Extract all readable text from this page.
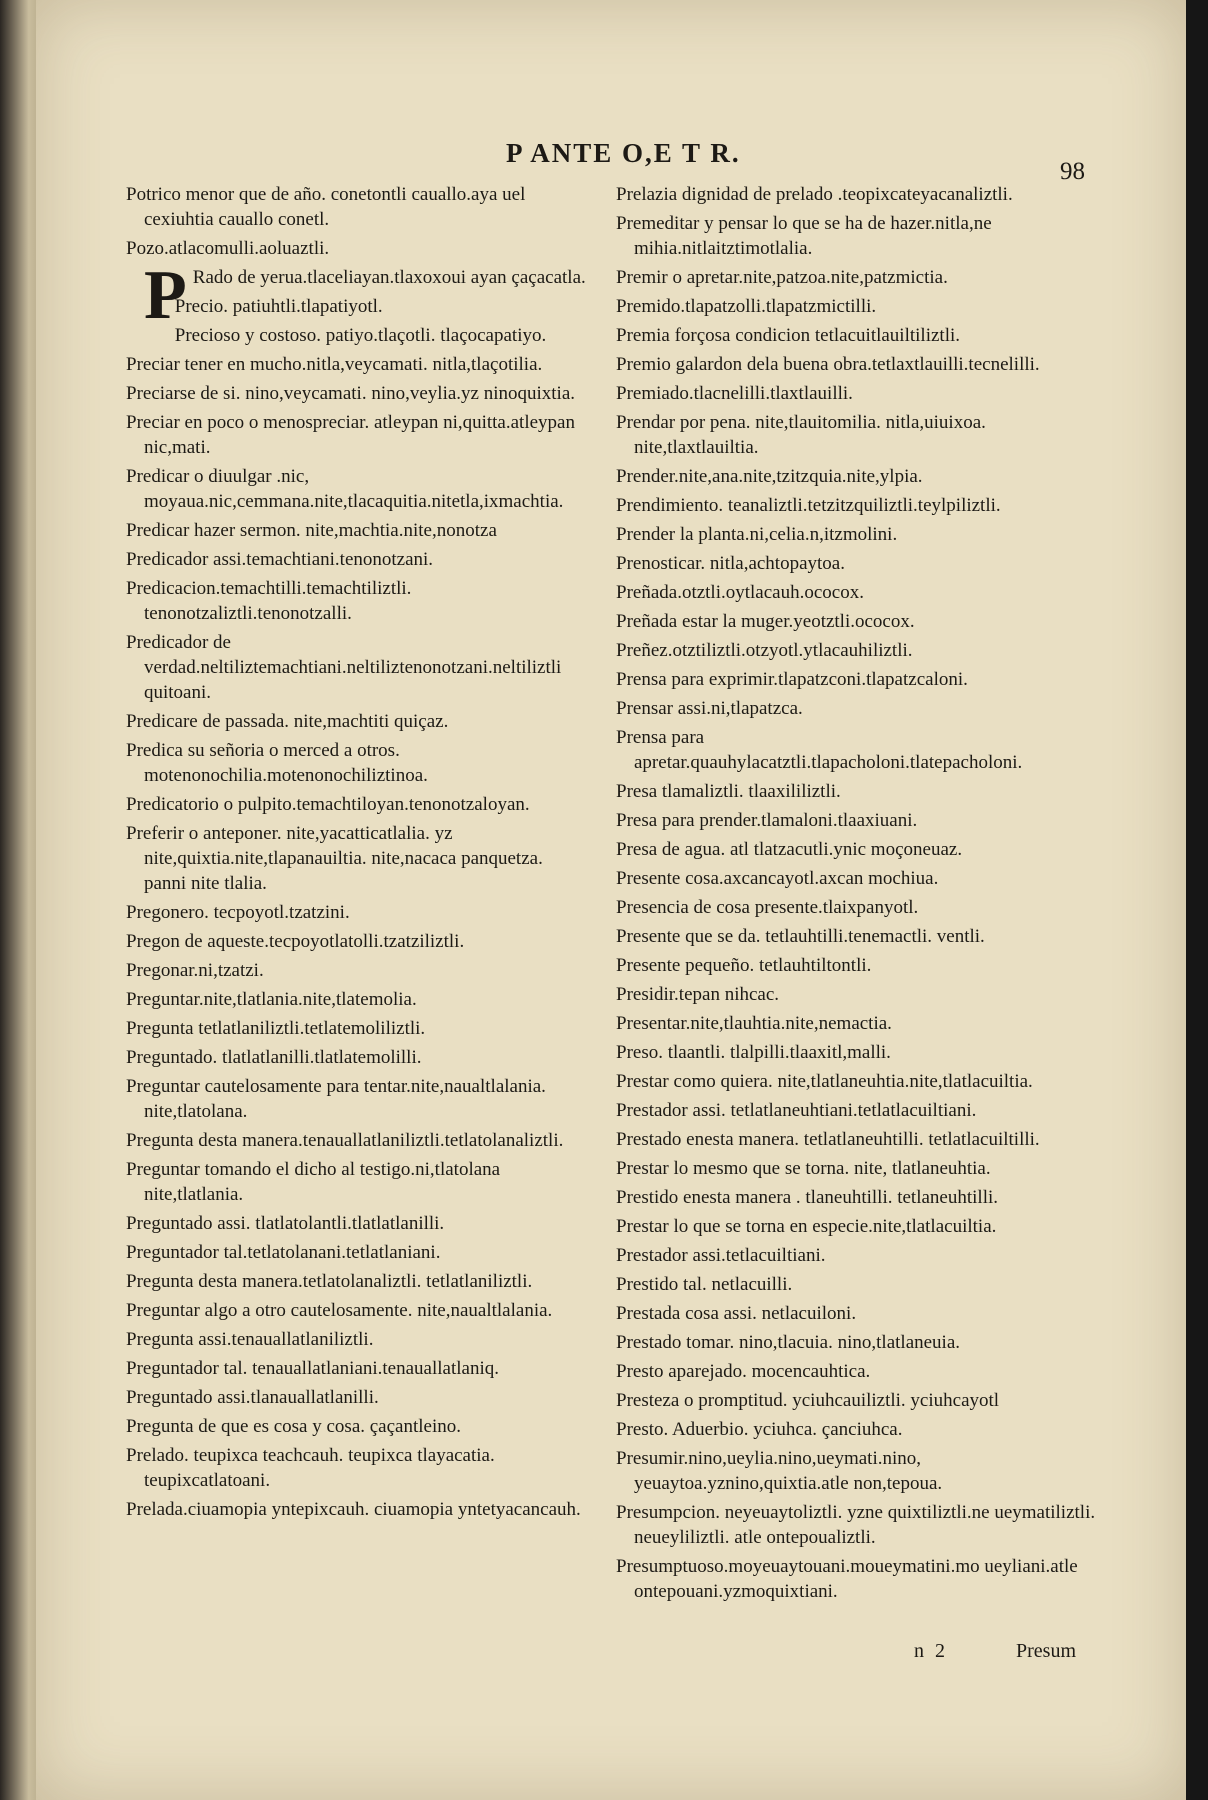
P ANTE O,E T R.
98

Potrico menor que de año. conetontli cauallo.aya uel cexiuhtia cauallo conetl.

Pozo.atlacomulli.aoluaztli.

P Rado de yerua.tlaceliayan.tlaxoxoui ayan çaçacatla.

Precio. patiuhtli.tlapatiyotl.

Precioso y costoso. patiyo.tlaçotli. tlaçocapatiyo.

Preciar tener en mucho.nitla,veycamati. nitla,tlaçotilia.

Preciarse de si. nino,veycamati. nino,veylia.yz ninoquixtia.

Preciar en poco o menospreciar. atleypan ni,quitta.atleypan nic,mati.

Predicar o diuulgar .nic, moyaua.nic,cemmana.nite,tlacaquitia.nitetla,ixmachtia.

Predicar hazer sermon. nite,machtia.nite,nonotza

Predicador assi.temachtiani.tenonotzani.

Predicacion.temachtilli.temachtiliztli. tenonotzaliztli.tenonotzalli.

Predicador de verdad.neltiliztemachtiani.neltiliztenonotzani.neltiliztli quitoani.

Predicare de passada. nite,machtiti quiçaz.

Predica su señoria o merced a otros. motenonochilia.motenonochiliztinoa.

Predicatorio o pulpito.temachtiloyan.tenonotzaloyan.

Preferir o anteponer. nite,yacatticatlalia. yz nite,quixtia.nite,tlapanauiltia. nite,nacaca panquetza. panni nite tlalia.

Pregonero. tecpoyotl.tzatzini.

Pregon de aqueste.tecpoyotlatolli.tzatziliztli.

Pregonar.ni,tzatzi.

Preguntar.nite,tlatlania.nite,tlatemolia.

Pregunta tetlatlaniliztli.tetlatemoliliztli.

Preguntado. tlatlatlanilli.tlatlatemolilli.

Preguntar cautelosamente para tentar.nite,naualtlalania. nite,tlatolana.

Pregunta desta manera.tenauallatlaniliztli.tetlatolanaliztli.

Preguntar tomando el dicho al testigo.ni,tlatolana nite,tlatlania.

Preguntado assi. tlatlatolantli.tlatlatlanilli.

Preguntador tal.tetlatolanani.tetlatlaniani.

Pregunta desta manera.tetlatolanaliztli. tetlatlaniliztli.

Preguntar algo a otro cautelosamente. nite,naualtlalania.

Pregunta assi.tenauallatlaniliztli.

Preguntador tal. tenauallatlaniani.tenauallatlaniq.

Preguntado assi.tlanauallatlanilli.

Pregunta de que es cosa y cosa. çaçantleino.

Prelado. teupixca teachcauh. teupixca tlayacatia. teupixcatlatoani.

Prelada.ciuamopia yntepixcauh. ciuamopia yntetyacancauh.

Prelazia dignidad de prelado .teopixcateyacanaliztli.

Premeditar y pensar lo que se ha de hazer.nitla,ne mihia.nitlaitztimotlalia.

Premir o apretar.nite,patzoa.nite,patzmictia.

Premido.tlapatzolli.tlapatzmictilli.

Premia forçosa condicion tetlacuitlauiltiliztli.

Premio galardon dela buena obra.tetlaxtlauilli.tecnelilli.

Premiado.tlacnelilli.tlaxtlauilli.

Prendar por pena. nite,tlauitomilia. nitla,uiuixoa. nite,tlaxtlauiltia.

Prender.nite,ana.nite,tzitzquia.nite,ylpia.

Prendimiento. teanaliztli.tetzitzquiliztli.teylpiliztli.

Prender la planta.ni,celia.n,itzmolini.

Prenosticar. nitla,achtopaytoa.

Preñada.otztli.oytlacauh.ococox.

Preñada estar la muger.yeotztli.ococox.

Preñez.otztiliztli.otzyotl.ytlacauhiliztli.

Prensa para exprimir.tlapatzconi.tlapatzcaloni.

Prensar assi.ni,tlapatzca.

Prensa para apretar.quauhylacatztli.tlapacholoni.tlatepacholoni.

Presa tlamaliztli. tlaaxililiztli.

Presa para prender.tlamaloni.tlaaxiuani.

Presa de agua. atl tlatzacutli.ynic moçoneuaz.

Presente cosa.axcancayotl.axcan mochiua.

Presencia de cosa presente.tlaixpanyotl.

Presente que se da. tetlauhtilli.tenemactli. ventli.

Presente pequeño. tetlauhtiltontli.

Presidir.tepan nihcac.

Presentar.nite,tlauhtia.nite,nemactia.

Preso. tlaantli. tlalpilli.tlaaxitl,malli.

Prestar como quiera. nite,tlatlaneuhtia.nite,tlatlacuiltia.

Prestador assi. tetlatlaneuhtiani.tetlatlacuiltiani.

Prestado enesta manera. tetlatlaneuhtilli. tetlatlacuiltilli.

Prestar lo mesmo que se torna. nite, tlatlaneuhtia.

Prestido enesta manera . tlaneuhtilli. tetlaneuhtilli.

Prestar lo que se torna en especie.nite,tlatlacuiltia.

Prestador assi.tetlacuiltiani.

Prestido tal. netlacuilli.

Prestada cosa assi. netlacuiloni.

Prestado tomar. nino,tlacuia. nino,tlatlaneuia.

Presto aparejado. mocencauhtica.

Presteza o promptitud. yciuhcauiliztli. yciuhcayotl

Presto. Aduerbio. yciuhca. çanciuhca.

Presumir.nino,ueylia.nino,ueymati.nino, yeuaytoa.yznino,quixtia.atle non,tepoua.

Presumpcion. neyeuaytoliztli. yzne quixtiliztli.ne ueymatiliztli. neueyliliztli. atle ontepoualiztli.

Presumptuoso.moyeuaytouani.moueymatini.mo ueyliani.atle ontepouani.yzmoquixtiani.

n 2	Presum
